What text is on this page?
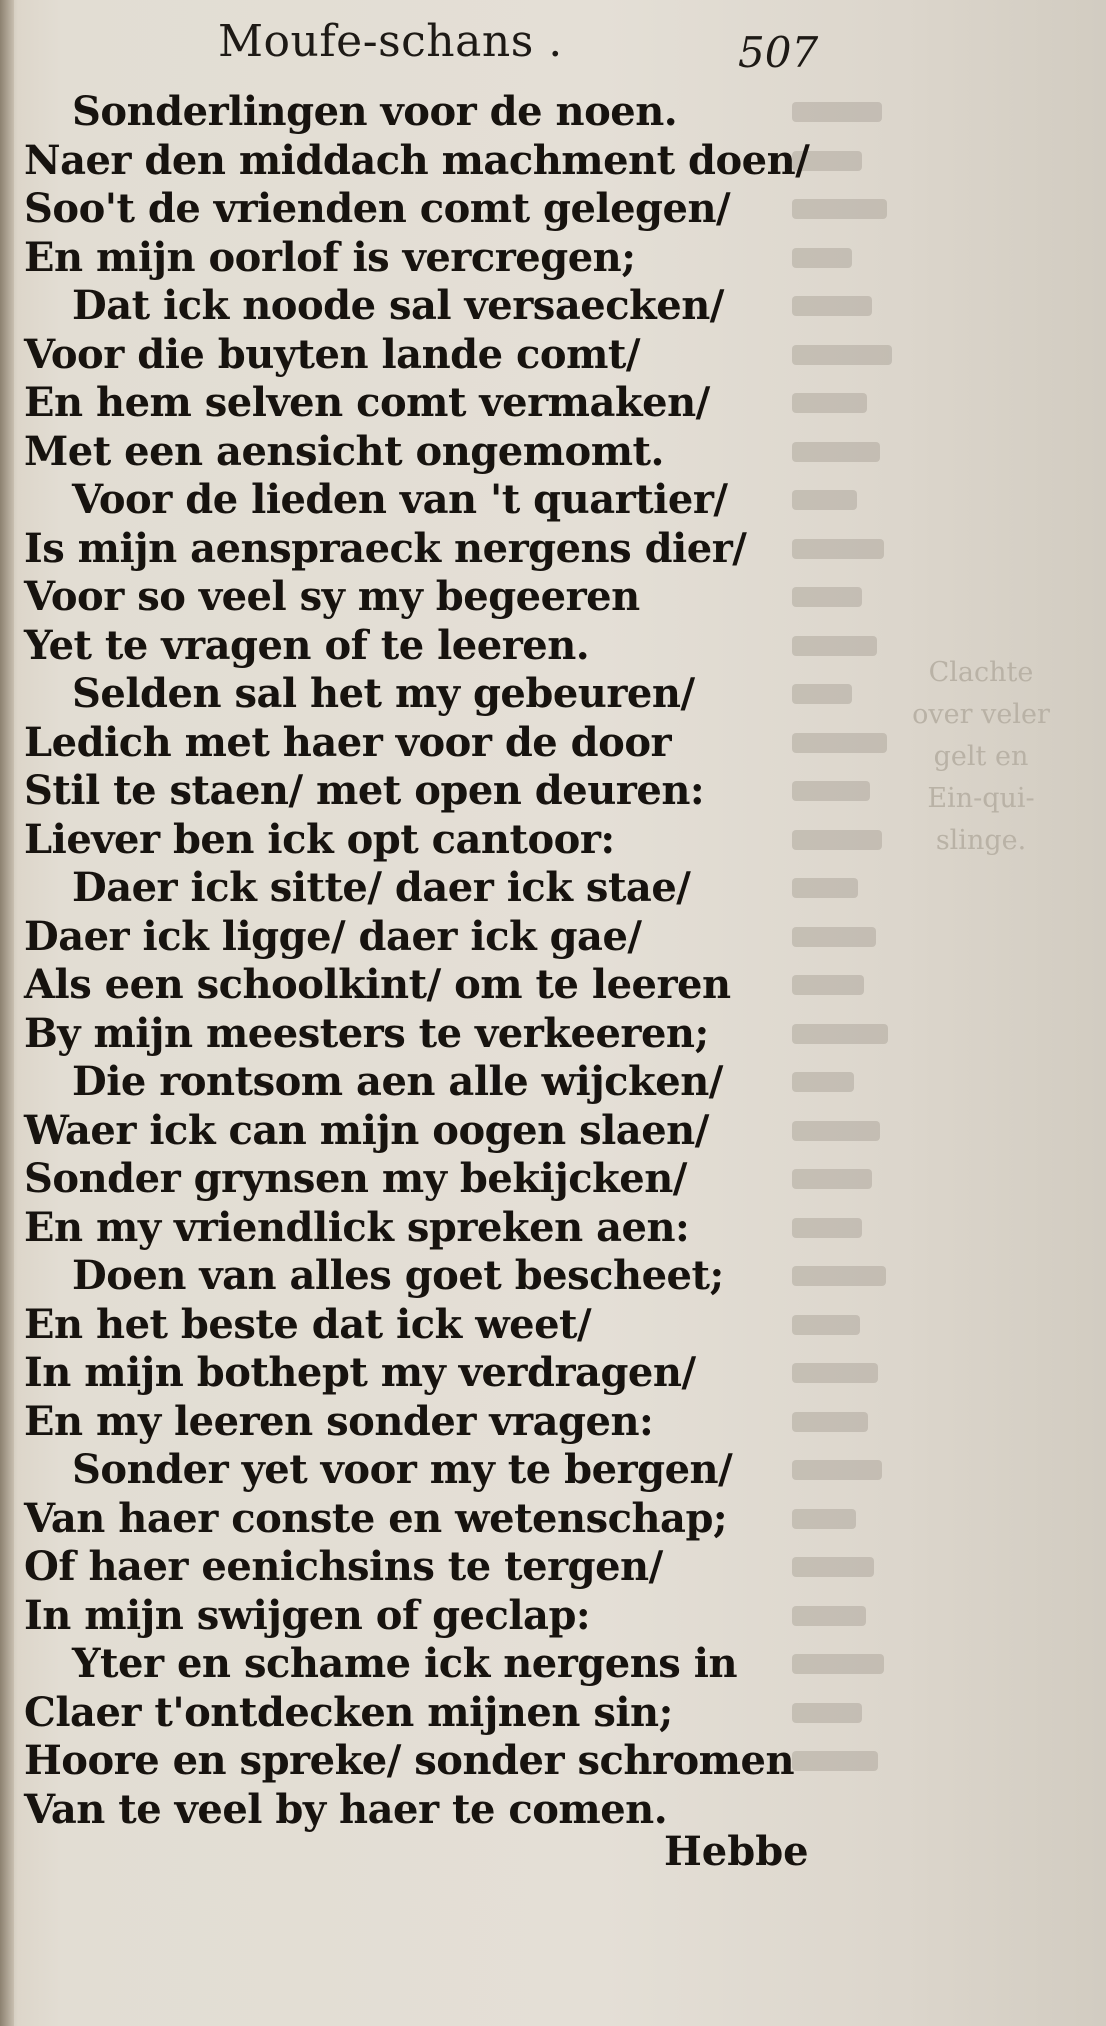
Moufe-schans .	507
Clachte
over veler
gelt en
Ein-qui-
slinge.
Sonderlingen voor de noen.
Naer den middach machment doen/
Soo't de vrienden comt gelegen/
En mijn oorlof is vercregen;
Dat ick noode sal versaecken/
Voor die buyten lande comt/
En hem selven comt vermaken/
Met een aensicht ongemomt.
Voor de lieden van 't quartier/
Is mijn aenspraeck nergens dier/
Voor so veel sy my begeeren
Yet te vragen of te leeren.
Selden sal het my gebeuren/
Ledich met haer voor de door
Stil te staen/ met open deuren:
Liever ben ick opt cantoor:
Daer ick sitte/ daer ick stae/
Daer ick ligge/ daer ick gae/
Als een schoolkint/ om te leeren
By mijn meesters te verkeeren;
Die rontsom aen alle wijcken/
Waer ick can mijn oogen slaen/
Sonder grynsen my bekijcken/
En my vriendlick spreken aen:
Doen van alles goet bescheet;
En het beste dat ick weet/
In mijn bothept my verdragen/
En my leeren sonder vragen:
Sonder yet voor my te bergen/
Van haer conste en wetenschap;
Of haer eenichsins te tergen/
In mijn swijgen of geclap:
Yter en schame ick nergens in
Claer t'ontdecken mijnen sin;
Hoore en spreke/ sonder schromen
Van te veel by haer te comen.
Hebbe
